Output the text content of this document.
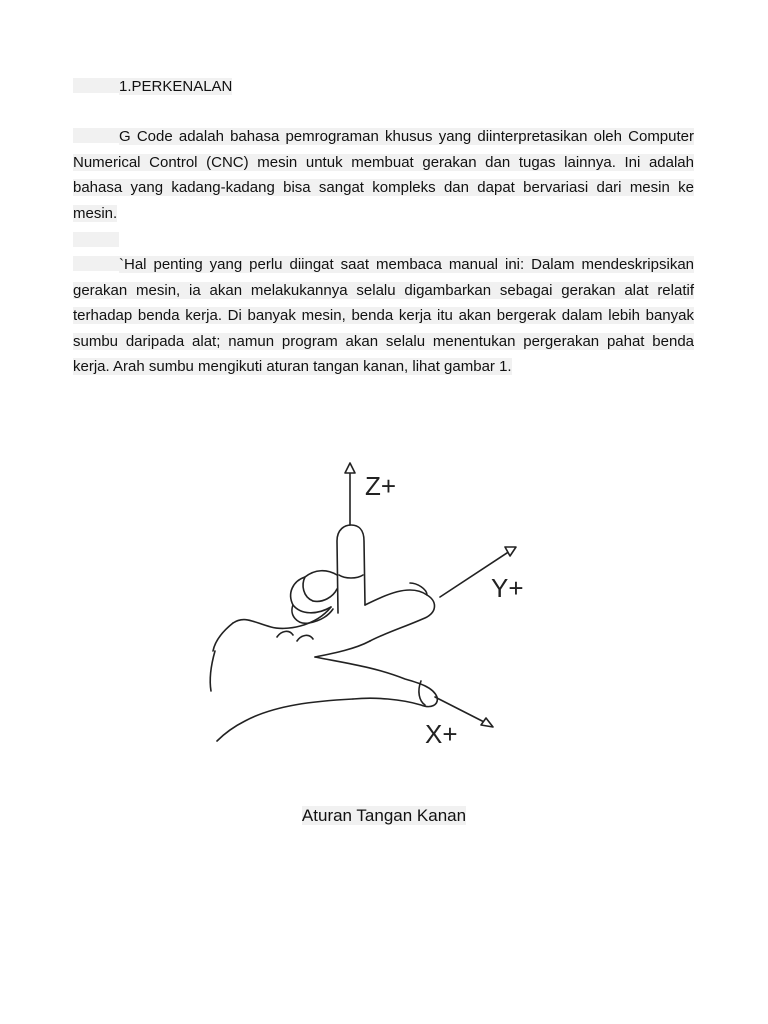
1.PERKENALAN
G Code adalah bahasa pemrograman khusus yang diinterpretasikan oleh Computer Numerical Control (CNC) mesin untuk membuat gerakan dan tugas lainnya. Ini adalah bahasa yang kadang-kadang bisa sangat kompleks dan dapat bervariasi dari mesin ke mesin.
`Hal penting yang perlu diingat saat membaca manual ini: Dalam mendeskripsikan gerakan mesin, ia akan melakukannya selalu digambarkan sebagai gerakan alat relatif terhadap benda kerja. Di banyak mesin, benda kerja itu akan bergerak dalam lebih banyak sumbu daripada alat; namun program akan selalu menentukan pergerakan pahat benda kerja. Arah sumbu mengikuti aturan tangan kanan, lihat gambar 1.
Z+
Y+
X+
Aturan Tangan Kanan
